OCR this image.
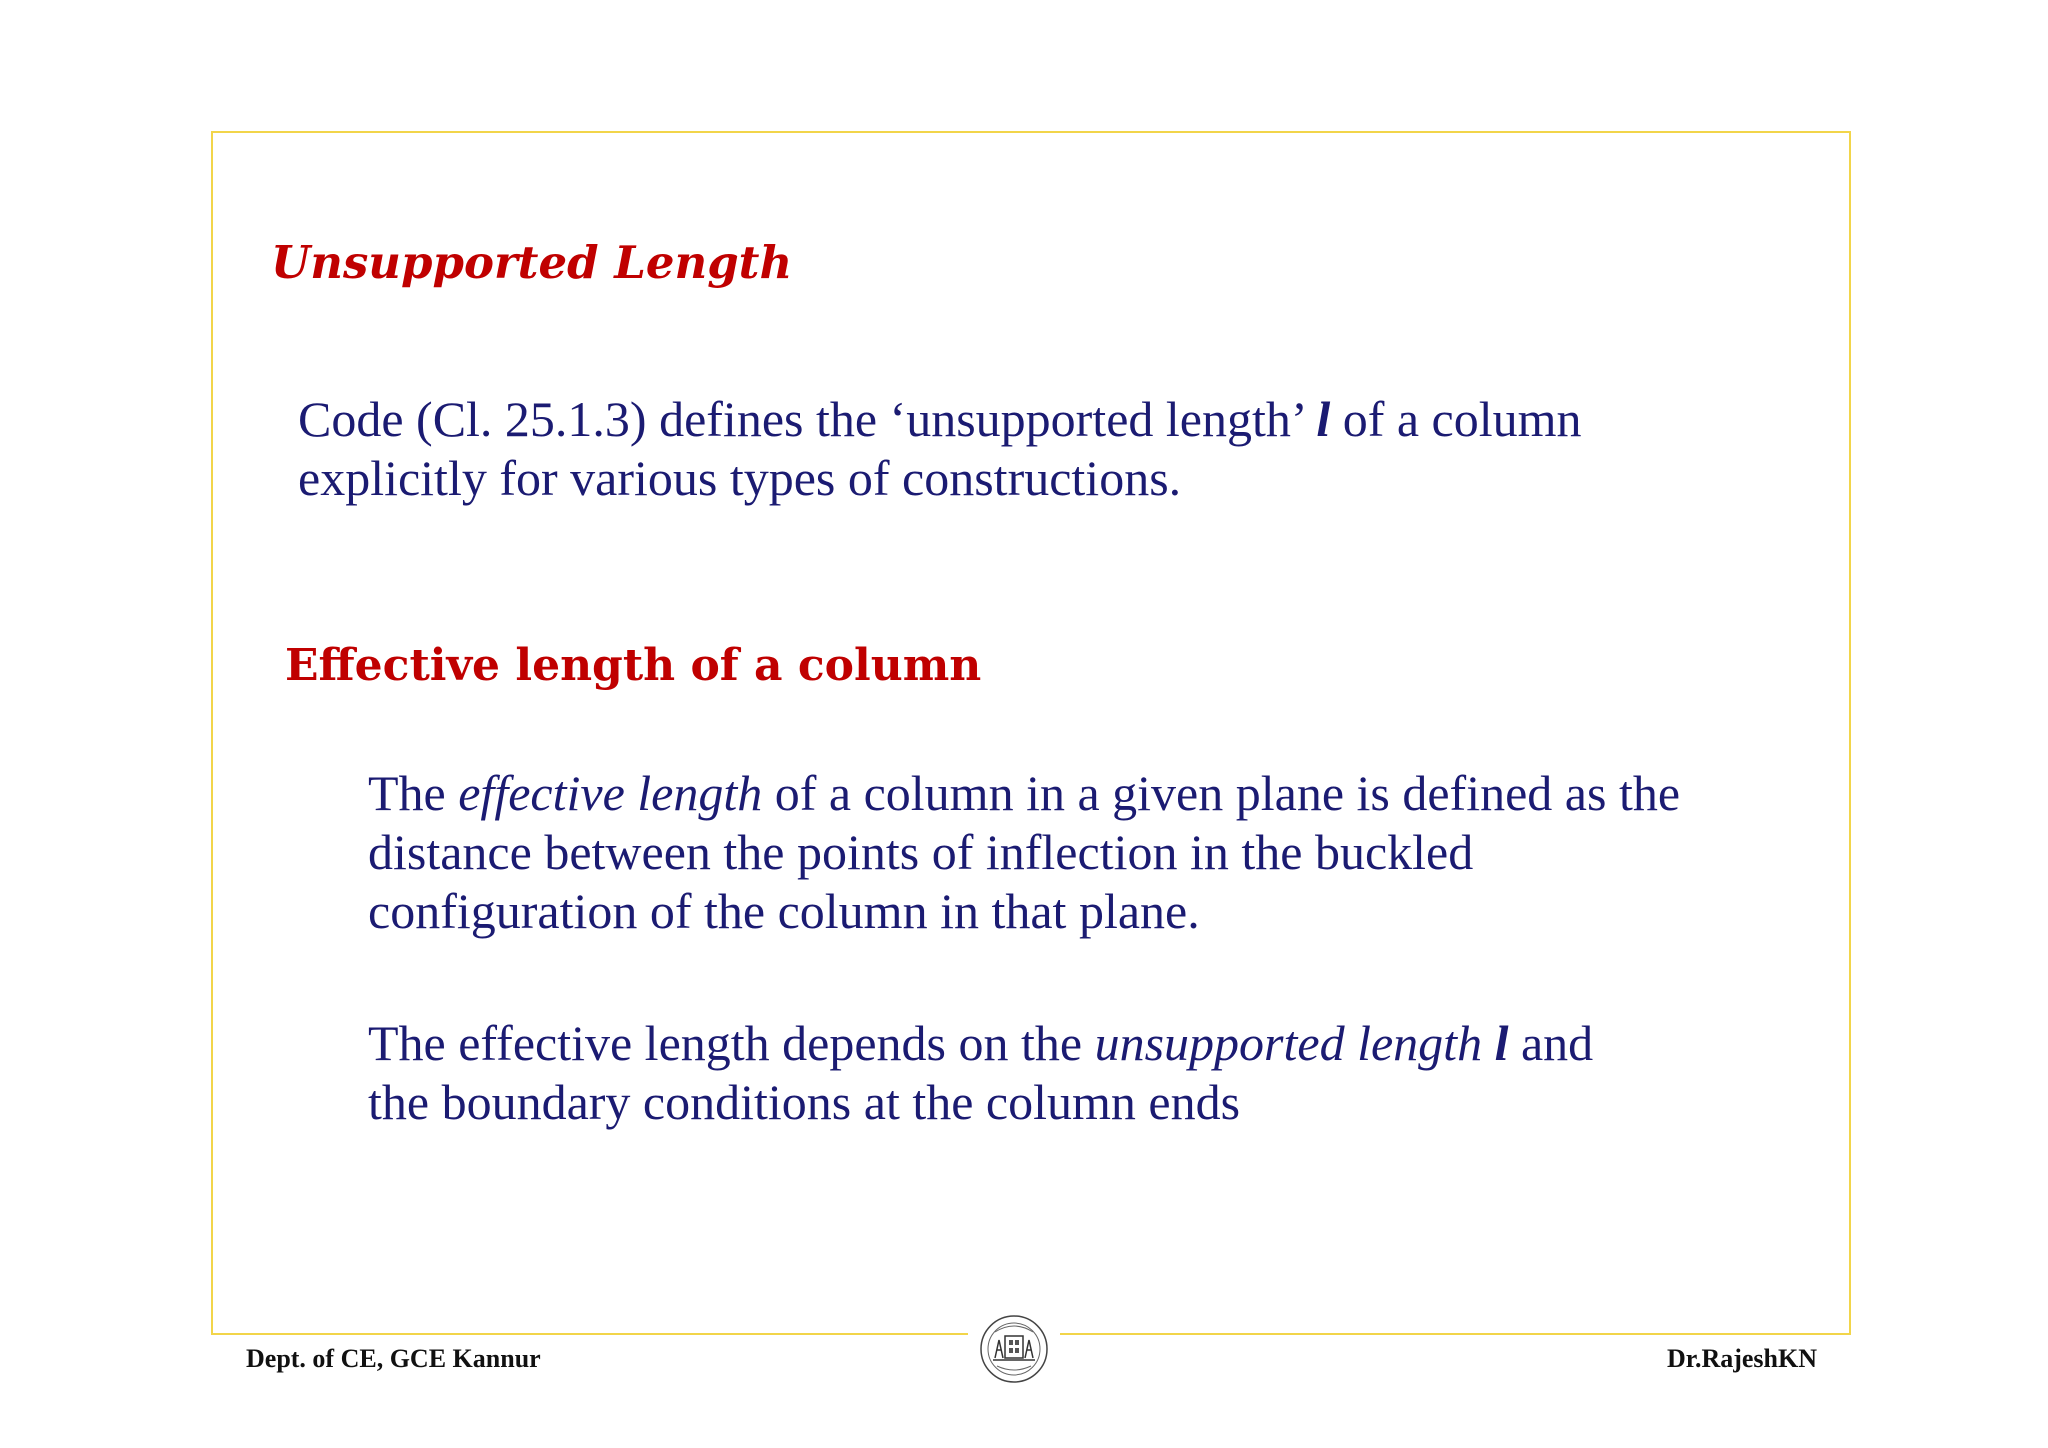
Unsupported Length
Code (Cl. 25.1.3) defines the ‘unsupported length’ l of a column
explicitly for various types of constructions.
Effective length of a column
The effective length of a column in a given plane is defined as the
distance between the points of inflection in the buckled
configuration of the column in that plane.
The effective length depends on the unsupported length l and
the boundary conditions at the column ends
Dept. of CE, GCE Kannur	Dr.RajeshKN
